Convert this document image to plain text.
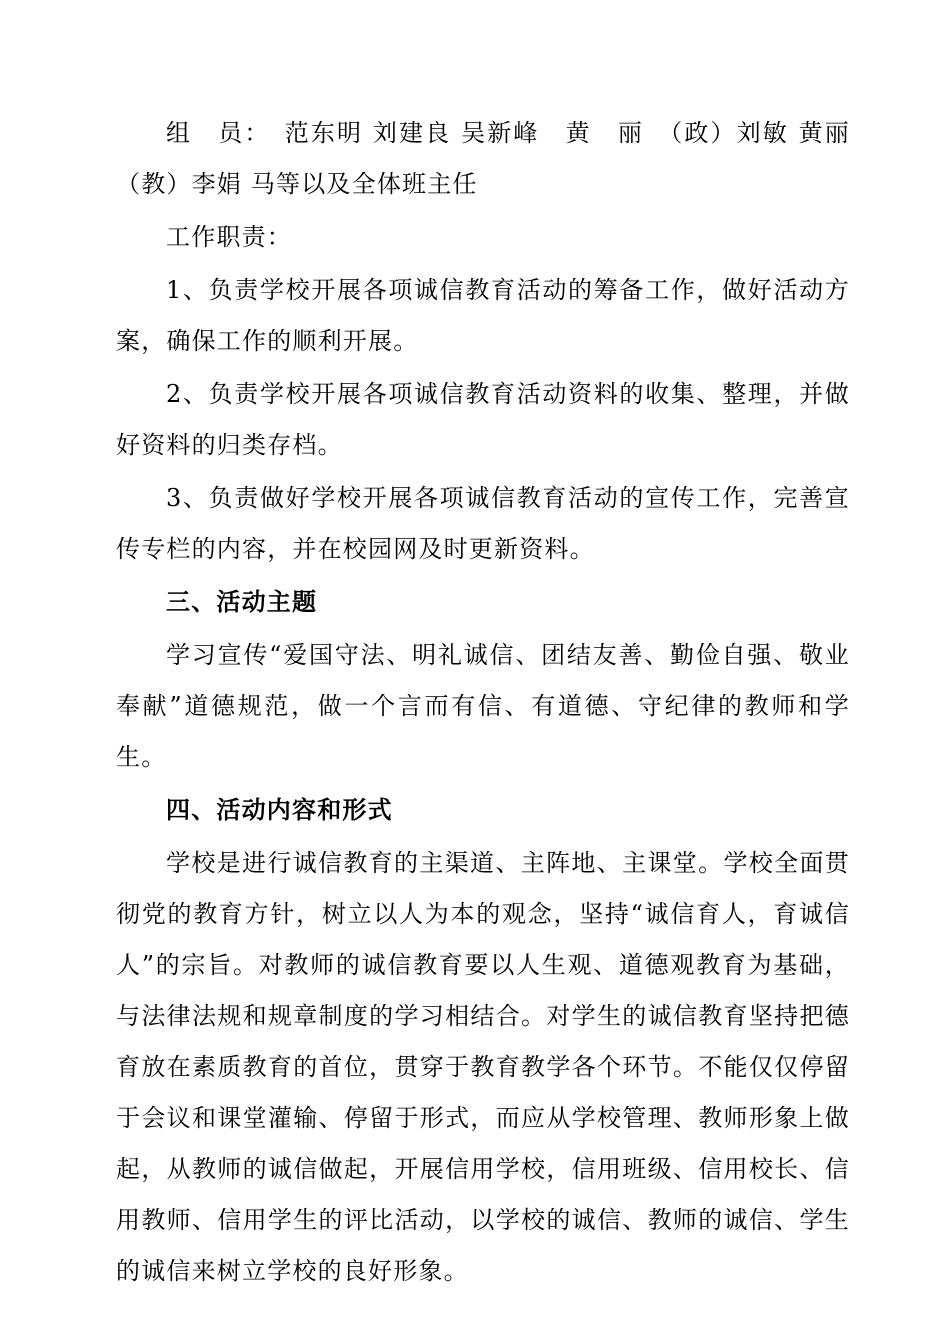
组　员：　范东明 刘建良 吴新峰　黄　丽　（政）刘敏 黄丽（教）李娟 马等以及全体班主任

工作职责：

1、负责学校开展各项诚信教育活动的筹备工作，做好活动方案，确保工作的顺利开展。

2、负责学校开展各项诚信教育活动资料的收集、整理，并做好资料的归类存档。

3、负责做好学校开展各项诚信教育活动的宣传工作，完善宣传专栏的内容，并在校园网及时更新资料。

三、活动主题

学习宣传“爱国守法、明礼诚信、团结友善、勤俭自强、敬业奉献”道德规范，做一个言而有信、有道德、守纪律的教师和学生。

四、活动内容和形式

学校是进行诚信教育的主渠道、主阵地、主课堂。学校全面贯彻党的教育方针，树立以人为本的观念，坚持“诚信育人，育诚信人”的宗旨。对教师的诚信教育要以人生观、道德观教育为基础，与法律法规和规章制度的学习相结合。对学生的诚信教育坚持把德育放在素质教育的首位，贯穿于教育教学各个环节。不能仅仅停留于会议和课堂灌输、停留于形式，而应从学校管理、教师形象上做起，从教师的诚信做起，开展信用学校，信用班级、信用校长、信用教师、信用学生的评比活动，以学校的诚信、教师的诚信、学生的诚信来树立学校的良好形象。
